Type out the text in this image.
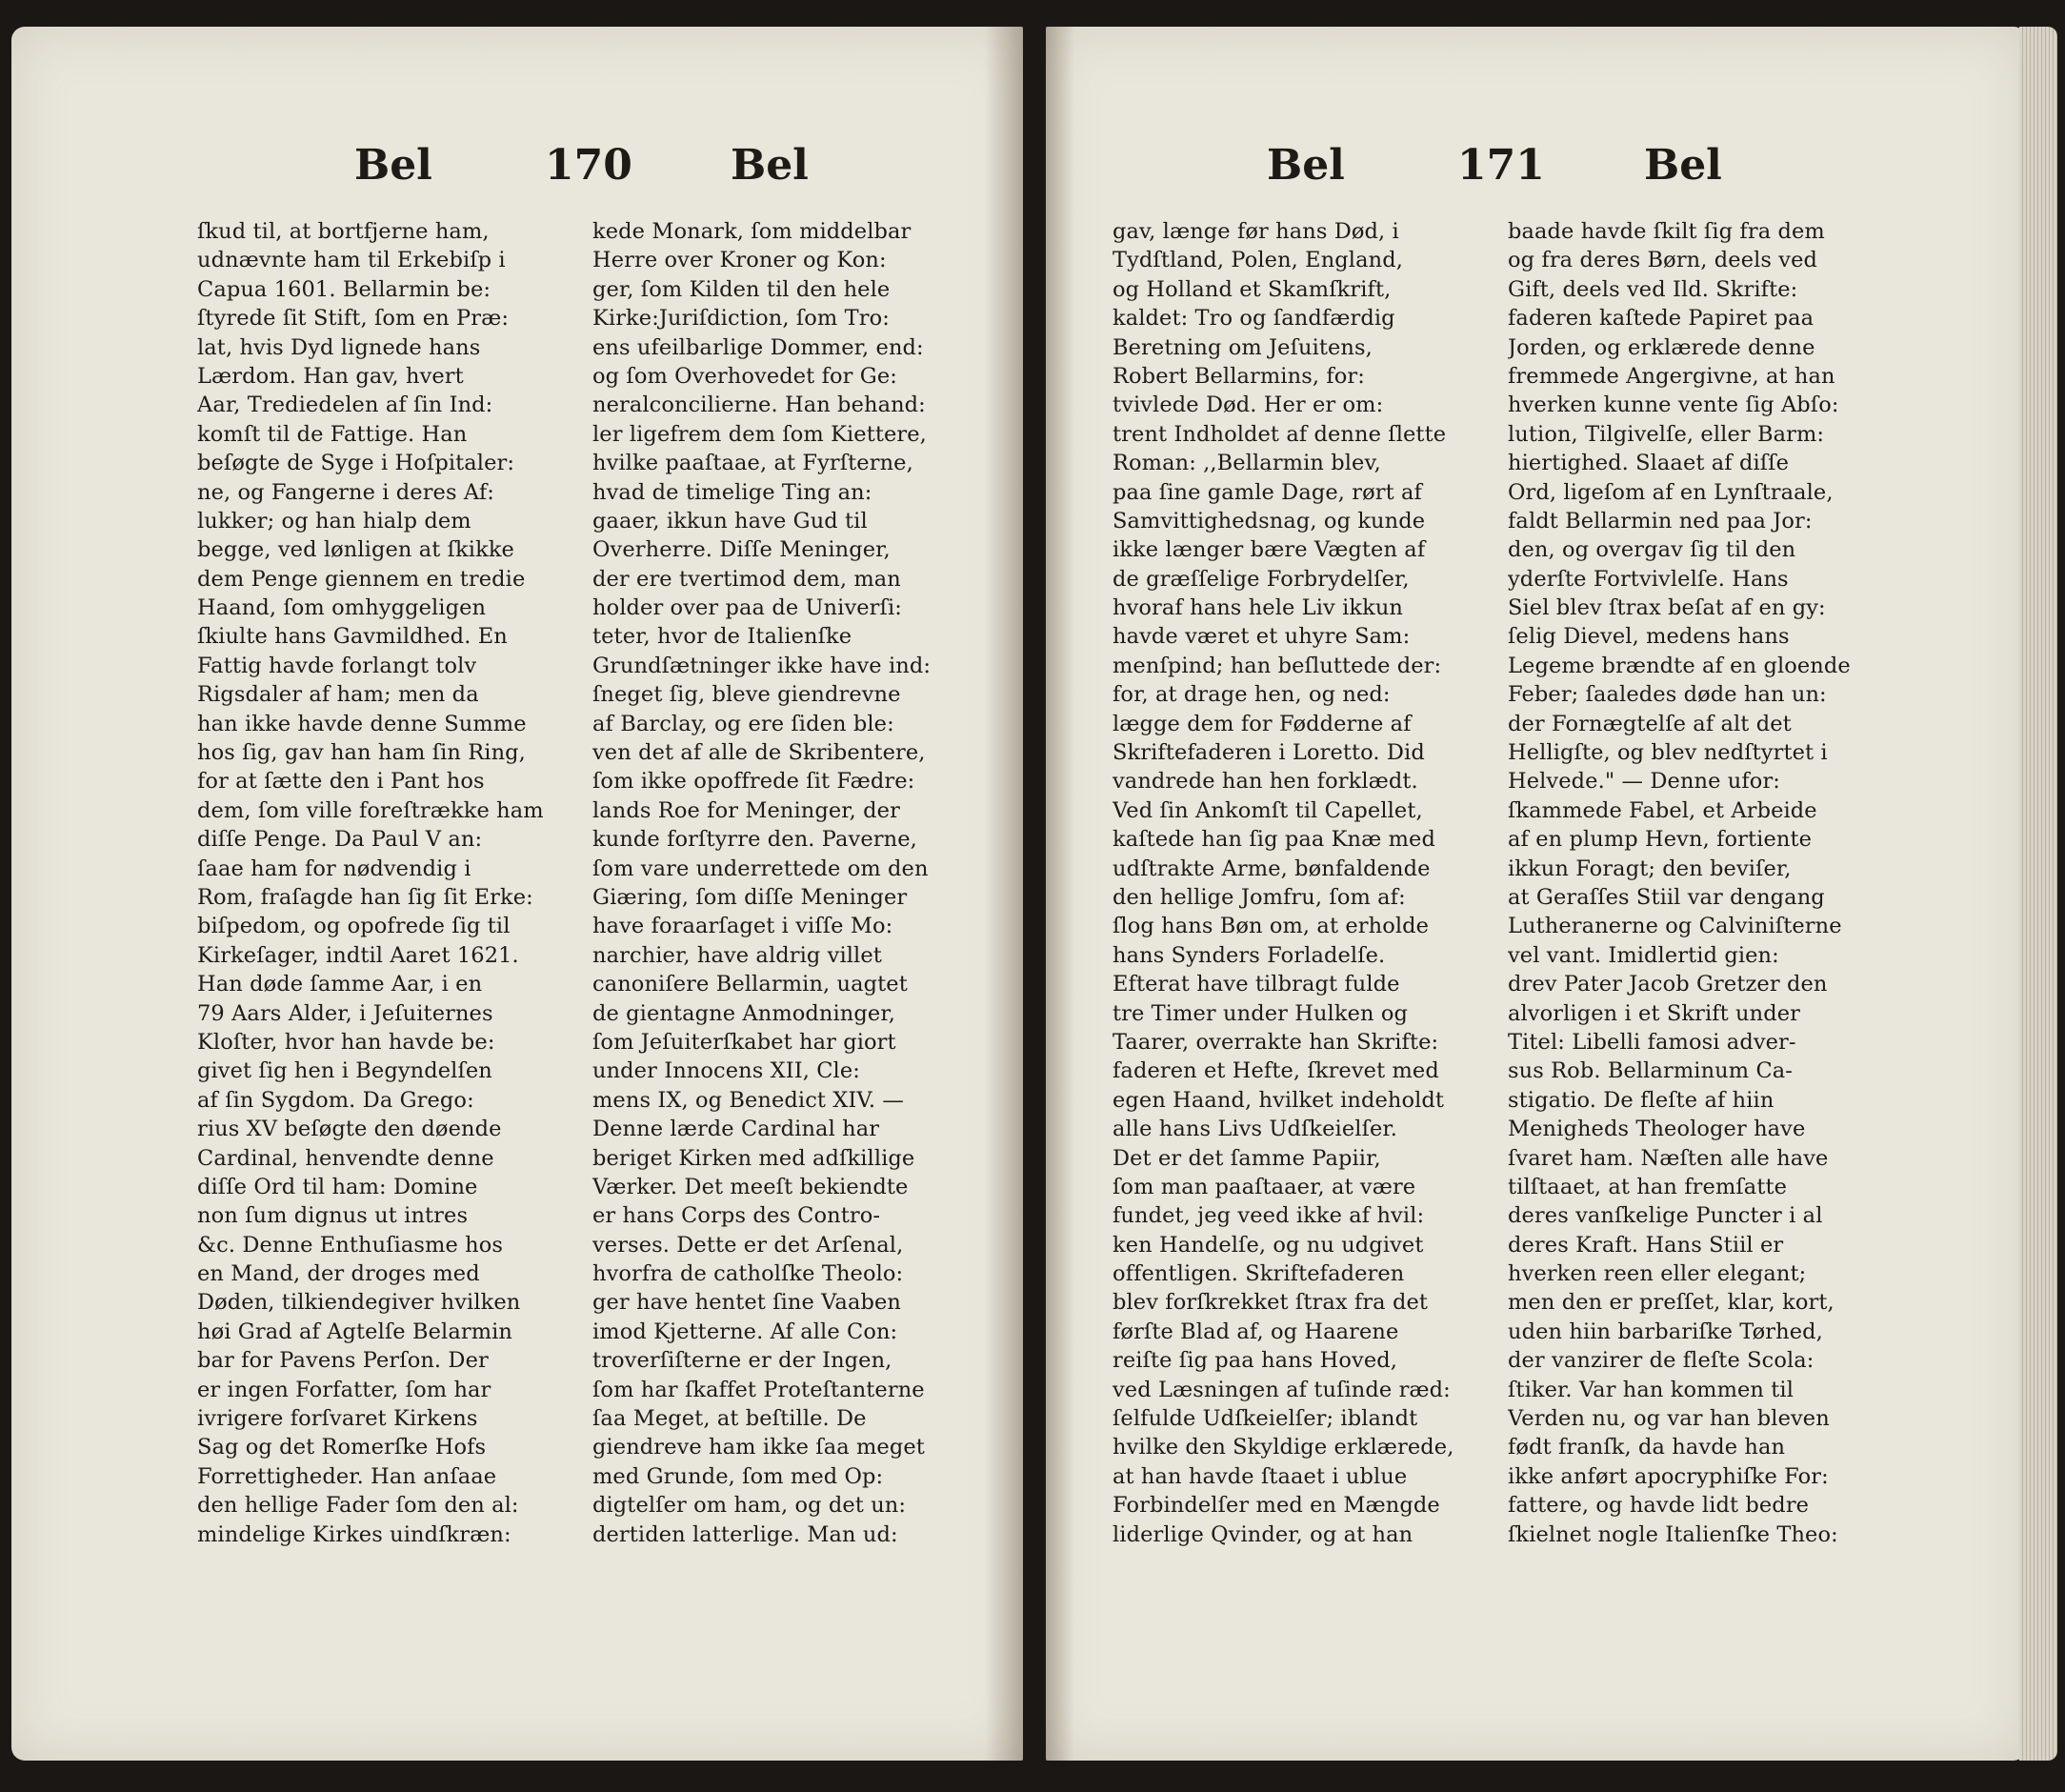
Bel	170 Bel
ſkud til, at bortfjerne ham,
udnævnte ham til Erkebiſp i
Capua 1601. Bellarmin be:
ſtyrede ſit Stift, ſom en Præ:
lat, hvis Dyd lignede hans
Lærdom. Han gav, hvert
Aar, Trediedelen af ſin Ind:
komſt til de Fattige. Han
beſøgte de Syge i Hoſpitaler:
ne, og Fangerne i deres Af:
lukker; og han hialp dem
begge, ved lønligen at ſkikke
dem Penge giennem en tredie
Haand, ſom omhyggeligen
ſkiulte hans Gavmildhed. En
Fattig havde forlangt tolv
Rigsdaler af ham; men da
han ikke havde denne Summe
hos ſig, gav han ham ſin Ring,
for at ſætte den i Pant hos
dem, ſom ville foreſtrække ham
diſſe Penge. Da Paul V an:
ſaae ham for nødvendig i
Rom, fraſagde han ſig ſit Erke:
biſpedom, og opofrede ſig til
Kirkeſager, indtil Aaret 1621.
Han døde ſamme Aar, i en
79 Aars Alder, i Jeſuiternes
Kloſter, hvor han havde be:
givet ſig hen i Begyndelſen
af ſin Sygdom. Da Grego:
rius XV beſøgte den døende
Cardinal, henvendte denne
diſſe Ord til ham: Domine
non ſum dignus ut intres
&c. Denne Enthuſiasme hos
en Mand, der droges med
Døden, tilkiendegiver hvilken
høi Grad af Agtelſe Belarmin
bar for Pavens Perſon. Der
er ingen Forfatter, ſom har
ivrigere forſvaret Kirkens
Sag og det Romerſke Hofs
Forrettigheder. Han anſaae
den hellige Fader ſom den al:
mindelige Kirkes uindſkræn:
kede Monark, ſom middelbar
Herre over Kroner og Kon:
ger, ſom Kilden til den hele
Kirke:Juriſdiction, ſom Tro:
ens ufeilbarlige Dommer, end:
og ſom Overhovedet for Ge:
neralconcilierne. Han behand:
ler ligefrem dem ſom Kiettere,
hvilke paaſtaae, at Fyrſterne,
hvad de timelige Ting an:
gaaer, ikkun have Gud til
Overherre. Diſſe Meninger,
der ere tvertimod dem, man
holder over paa de Univerſi:
teter, hvor de Italienſke
Grundſætninger ikke have ind:
ſneget ſig, bleve giendrevne
af Barclay, og ere ſiden ble:
ven det af alle de Skribentere,
ſom ikke opoffrede ſit Fædre:
lands Roe for Meninger, der
kunde forſtyrre den. Paverne,
ſom vare underrettede om den
Giæring, ſom diſſe Meninger
have foraarſaget i viſſe Mo:
narchier, have aldrig villet
canoniſere Bellarmin, uagtet
de gientagne Anmodninger,
ſom Jeſuiterſkabet har giort
under Innocens XII, Cle:
mens IX, og Benedict XIV. —
Denne lærde Cardinal har
beriget Kirken med adſkillige
Værker. Det meeſt bekiendte
er hans Corps des Contro-
verses. Dette er det Arſenal,
hvorfra de catholſke Theolo:
ger have hentet ſine Vaaben
imod Kjetterne. Af alle Con:
troverſiſterne er der Ingen,
ſom har ſkaffet Proteſtanterne
ſaa Meget, at beſtille. De
giendreve ham ikke ſaa meget
med Grunde, ſom med Op:
digtelſer om ham, og det un:
dertiden latterlige. Man ud:
Bel	171 Bel
gav, længe før hans Død, i
Tydſtland, Polen, England,
og Holland et Skamſkrift,
kaldet: Tro og ſandfærdig
Beretning om Jeſuitens,
Robert Bellarmins, for:
tvivlede Død. Her er om:
trent Indholdet af denne ſlette
Roman: ,,Bellarmin blev,
paa ſine gamle Dage, rørt af
Samvittighedsnag, og kunde
ikke længer bære Vægten af
de græſſelige Forbrydelſer,
hvoraf hans hele Liv ikkun
havde været et uhyre Sam:
menſpind; han beſluttede der:
for, at drage hen, og ned:
lægge dem for Fødderne af
Skriftefaderen i Loretto. Did
vandrede han hen forklædt.
Ved ſin Ankomſt til Capellet,
kaſtede han ſig paa Knæ med
udſtrakte Arme, bønfaldende
den hellige Jomfru, ſom af:
ſlog hans Bøn om, at erholde
hans Synders Forladelſe.
Efterat have tilbragt fulde
tre Timer under Hulken og
Taarer, overrakte han Skrifte:
faderen et Hefte, ſkrevet med
egen Haand, hvilket indeholdt
alle hans Livs Udſkeielſer.
Det er det ſamme Papiir,
ſom man paaſtaaer, at være
fundet, jeg veed ikke af hvil:
ken Handelſe, og nu udgivet
offentligen. Skriftefaderen
blev forſkrekket ſtrax fra det
førſte Blad af, og Haarene
reiſte ſig paa hans Hoved,
ved Læsningen af tuſinde ræd:
ſelfulde Udſkeielſer; iblandt
hvilke den Skyldige erklærede,
at han havde ſtaaet i ublue
Forbindelſer med en Mængde
liderlige Qvinder, og at han
baade havde ſkilt ſig fra dem
og fra deres Børn, deels ved
Gift, deels ved Ild. Skrifte:
faderen kaſtede Papiret paa
Jorden, og erklærede denne
fremmede Angergivne, at han
hverken kunne vente ſig Abſo:
lution, Tilgivelſe, eller Barm:
hiertighed. Slaaet af diſſe
Ord, ligeſom af en Lynſtraale,
faldt Bellarmin ned paa Jor:
den, og overgav ſig til den
yderſte Fortvivlelſe. Hans
Siel blev ſtrax beſat af en gy:
ſelig Dievel, medens hans
Legeme brændte af en gloende
Feber; ſaaledes døde han un:
der Fornægtelſe af alt det
Helligſte, og blev nedſtyrtet i
Helvede." — Denne ufor:
ſkammede Fabel, et Arbeide
af en plump Hevn, fortiente
ikkun Foragt; den beviſer,
at Geraſſes Stiil var dengang
Lutheranerne og Calviniſterne
vel vant. Imidlertid gien:
drev Pater Jacob Gretzer den
alvorligen i et Skrift under
Titel: Libelli famosi adver-
sus Rob. Bellarminum Ca-
stigatio. De fleſte af hiin
Menigheds Theologer have
ſvaret ham. Næſten alle have
tilſtaaet, at han fremſatte
deres vanſkelige Puncter i al
deres Kraft. Hans Stiil er
hverken reen eller elegant;
men den er preſſet, klar, kort,
uden hiin barbariſke Tørhed,
der vanzirer de fleſte Scola:
ſtiker. Var han kommen til
Verden nu, og var han bleven
født franſk, da havde han
ikke anført apocryphiſke For:
fattere, og havde lidt bedre
ſkielnet nogle Italienſke Theo:
